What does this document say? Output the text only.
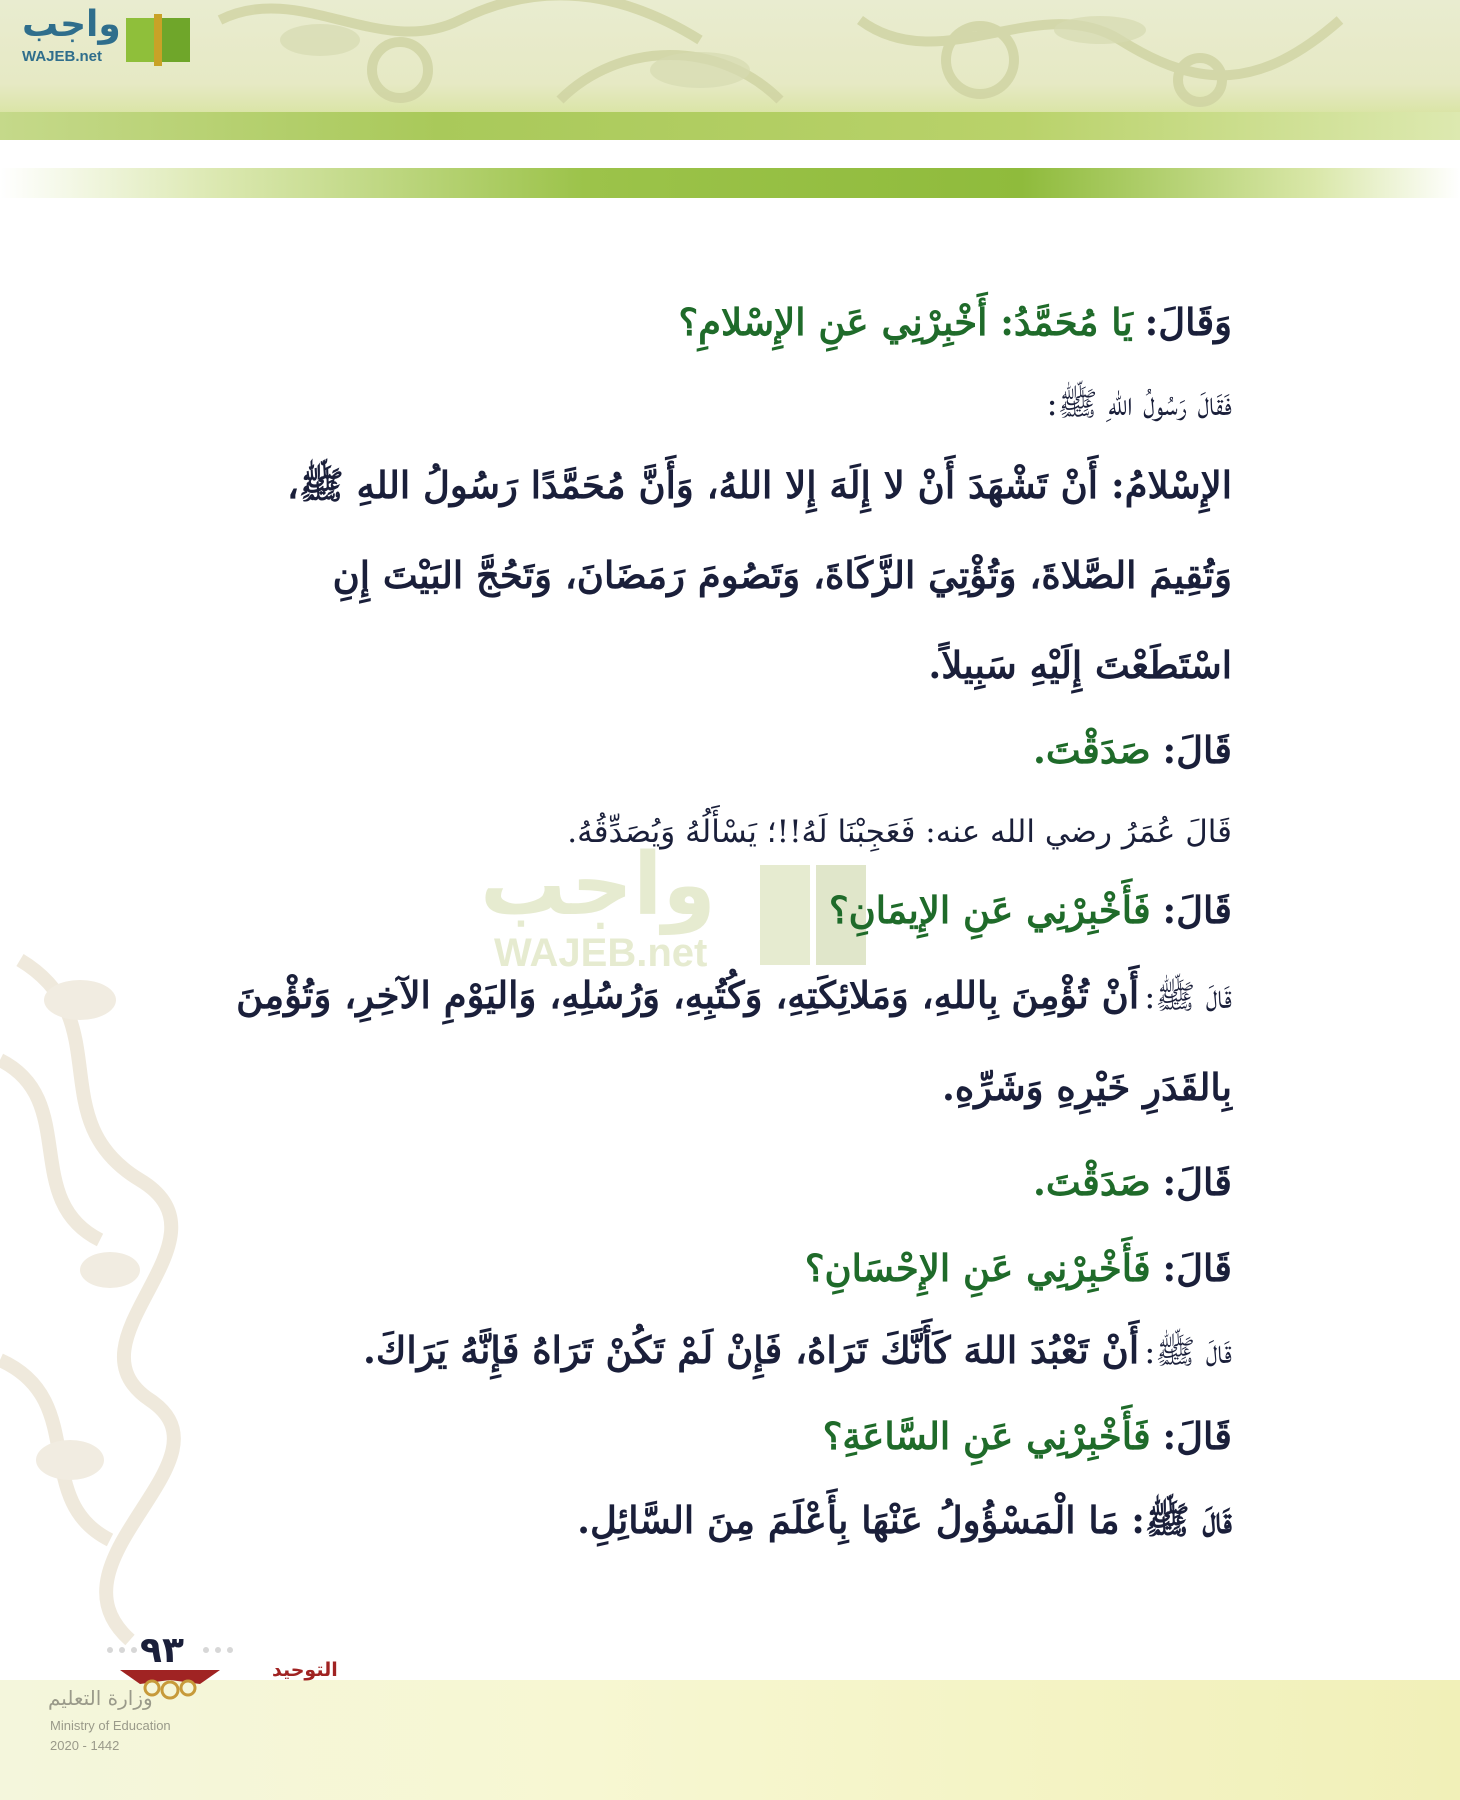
واجب
WAJEB.net
واجب
WAJEB.net
وَقَالَ: يَا مُحَمَّدُ: أَخْبِرْنِي عَنِ الإِسْلامِ؟
فَقَالَ رَسُولُ اللهِ ﷺ:
الإِسْلامُ: أَنْ تَشْهَدَ أَنْ لا إِلَهَ إِلا اللهُ، وَأَنَّ مُحَمَّدًا رَسُولُ اللهِ ﷺ، وَتُقِيمَ الصَّلاةَ، وَتُؤْتِيَ الزَّكَاةَ، وَتَصُومَ رَمَضَانَ، وَتَحُجَّ البَيْتَ إِنِ اسْتَطَعْتَ إِلَيْهِ سَبِيلاً.
قَالَ: صَدَقْتَ.
قَالَ عُمَرُ رضي الله عنه: فَعَجِبْنَا لَهُ!!؛ يَسْأَلُهُ وَيُصَدِّقُهُ.
قَالَ: فَأَخْبِرْنِي عَنِ الإِيمَانِ؟
قَالَ ﷺ: أَنْ تُؤْمِنَ بِاللهِ، وَمَلائِكَتِهِ، وَكُتُبِهِ، وَرُسُلِهِ، وَاليَوْمِ الآخِرِ، وَتُؤْمِنَ بِالقَدَرِ خَيْرِهِ وَشَرِّهِ.
قَالَ: صَدَقْتَ.
قَالَ: فَأَخْبِرْنِي عَنِ الإِحْسَانِ؟
قَالَ ﷺ: أَنْ تَعْبُدَ اللهَ كَأَنَّكَ تَرَاهُ، فَإِنْ لَمْ تَكُنْ تَرَاهُ فَإِنَّهُ يَرَاكَ.
قَالَ: فَأَخْبِرْنِي عَنِ السَّاعَةِ؟
قَالَ ﷺ: مَا الْمَسْؤُولُ عَنْهَا بِأَعْلَمَ مِنَ السَّائِلِ.
٩٣	التوحيد
وزارة التعليم
Ministry of Education
2020 - 1442
